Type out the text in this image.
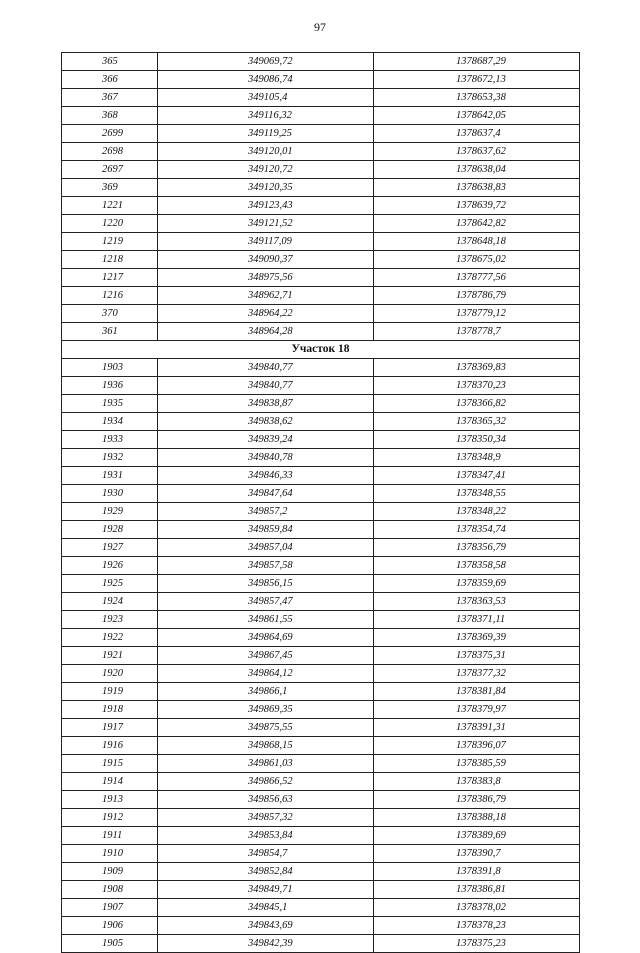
97
365	349069,72	1378687,29
366	349086,74	1378672,13
367	349105,4	1378653,38
368	349116,32	1378642,05
2699	349119,25	1378637,4
2698	349120,01	1378637,62
2697	349120,72	1378638,04
369	349120,35	1378638,83
1221	349123,43	1378639,72
1220	349121,52	1378642,82
1219	349117,09	1378648,18
1218	349090,37	1378675,02
1217	348975,56	1378777,56
1216	348962,71	1378786,79
370	348964,22	1378779,12
361	348964,28	1378778,7
Участок 18		
1903	349840,77	1378369,83
1936	349840,77	1378370,23
1935	349838,87	1378366,82
1934	349838,62	1378365,32
1933	349839,24	1378350,34
1932	349840,78	1378348,9
1931	349846,33	1378347,41
1930	349847,64	1378348,55
1929	349857,2	1378348,22
1928	349859,84	1378354,74
1927	349857,04	1378356,79
1926	349857,58	1378358,58
1925	349856,15	1378359,69
1924	349857,47	1378363,53
1923	349861,55	1378371,11
1922	349864,69	1378369,39
1921	349867,45	1378375,31
1920	349864,12	1378377,32
1919	349866,1	1378381,84
1918	349869,35	1378379,97
1917	349875,55	1378391,31
1916	349868,15	1378396,07
1915	349861,03	1378385,59
1914	349866,52	1378383,8
1913	349856,63	1378386,79
1912	349857,32	1378388,18
1911	349853,84	1378389,69
1910	349854,7	1378390,7
1909	349852,84	1378391,8
1908	349849,71	1378386,81
1907	349845,1	1378378,02
1906	349843,69	1378378,23
1905	349842,39	1378375,23
